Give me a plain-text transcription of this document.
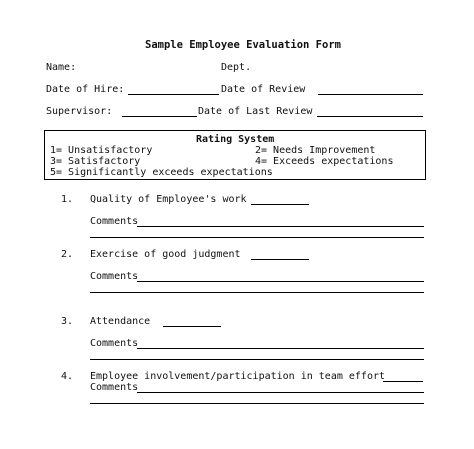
Sample Employee Evaluation Form
Name:	Dept.
Date of Hire:	Date of Review
Supervisor:	Date of Last Review
Rating System
1= Unsatisfactory	2= Needs Improvement
3= Satisfactory	4= Exceeds expectations
5= Significantly exceeds expectations
1. Quality of Employee's work
Comments
2. Exercise of good judgment
Comments
3. Attendance
Comments
4. Employee involvement/participation in team effort
Comments
